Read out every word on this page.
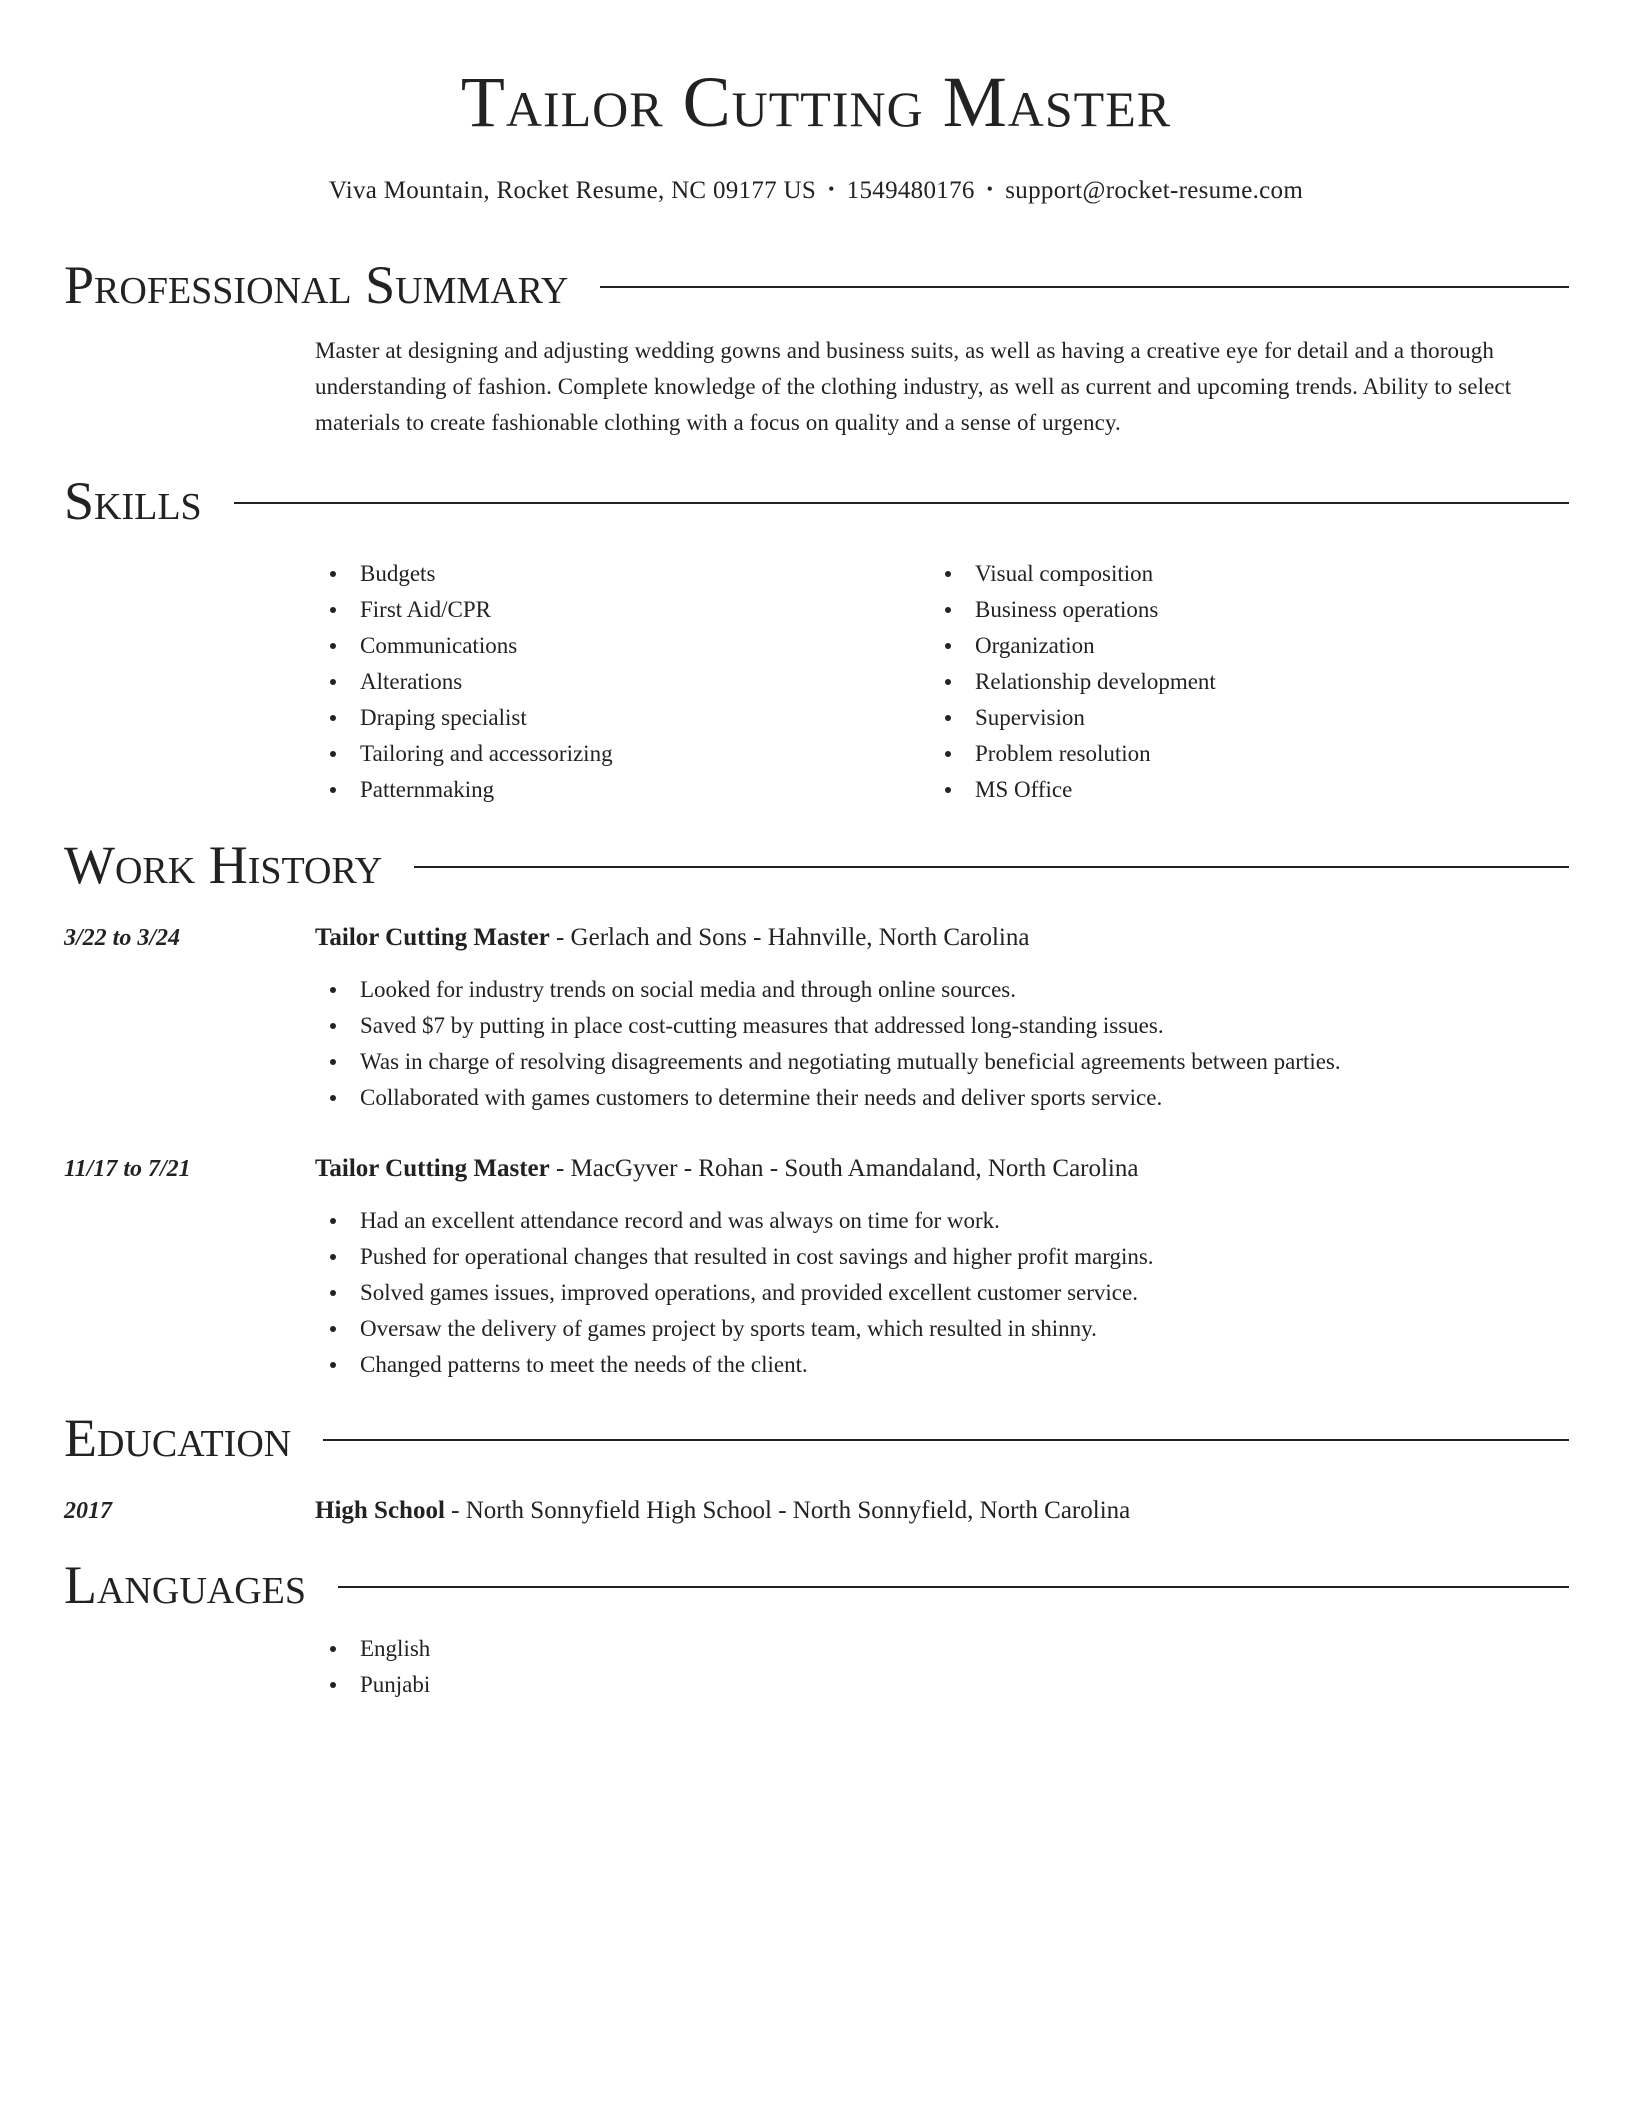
Tailor Cutting Master
Viva Mountain, Rocket Resume, NC 09177 US • 1549480176 • support@rocket-resume.com
Professional Summary
Master at designing and adjusting wedding gowns and business suits, as well as having a creative eye for detail and a thorough understanding of fashion. Complete knowledge of the clothing industry, as well as current and upcoming trends. Ability to select materials to create fashionable clothing with a focus on quality and a sense of urgency.
Skills
Budgets
First Aid/CPR
Communications
Alterations
Draping specialist
Tailoring and accessorizing
Patternmaking
Visual composition
Business operations
Organization
Relationship development
Supervision
Problem resolution
MS Office
Work History
3/22 to 3/24	Tailor Cutting Master - Gerlach and Sons - Hahnville, North Carolina
Looked for industry trends on social media and through online sources.
Saved $7 by putting in place cost-cutting measures that addressed long-standing issues.
Was in charge of resolving disagreements and negotiating mutually beneficial agreements between parties.
Collaborated with games customers to determine their needs and deliver sports service.
11/17 to 7/21	Tailor Cutting Master - MacGyver - Rohan - South Amandaland, North Carolina
Had an excellent attendance record and was always on time for work.
Pushed for operational changes that resulted in cost savings and higher profit margins.
Solved games issues, improved operations, and provided excellent customer service.
Oversaw the delivery of games project by sports team, which resulted in shinny.
Changed patterns to meet the needs of the client.
Education
2017	High School - North Sonnyfield High School - North Sonnyfield, North Carolina
Languages
English
Punjabi
